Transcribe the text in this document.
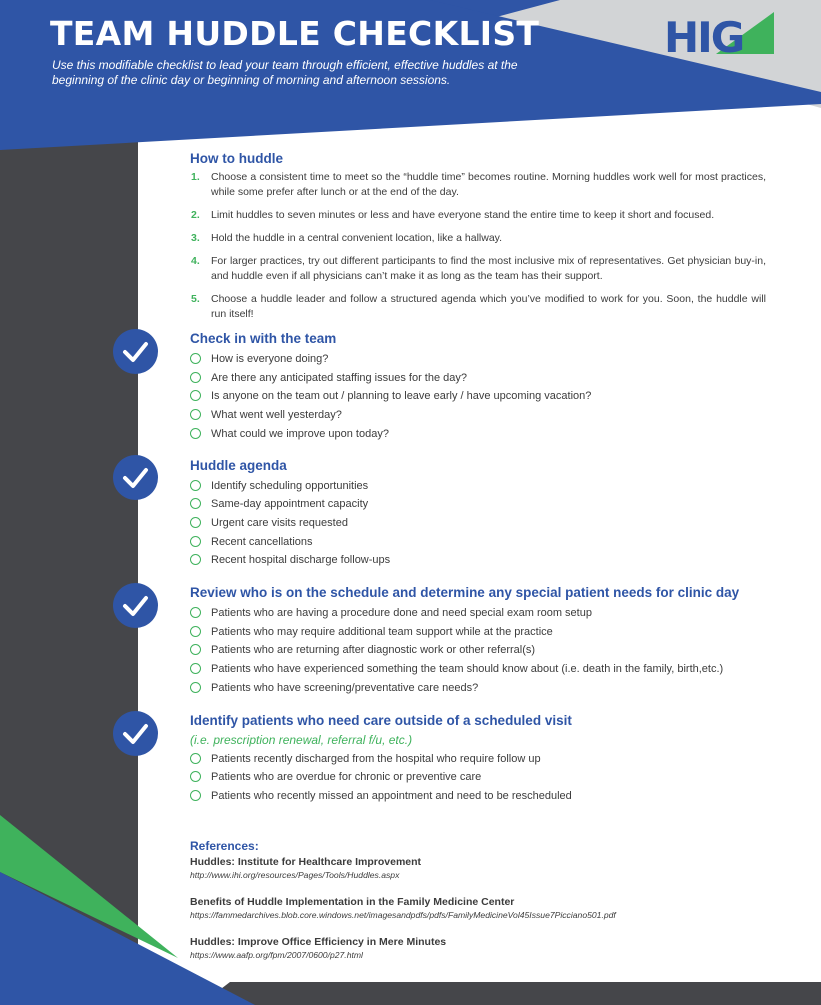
TEAM HUDDLE CHECKLIST

Use this modifiable checklist to lead your team through efficient, effective huddles at the beginning of the clinic day or beginning of morning and afternoon sessions.

HIG
How to huddle
1. Choose a consistent time to meet so the “huddle time” becomes routine. Morning huddles work well for most practices, while some prefer after lunch or at the end of the day.
2. Limit huddles to seven minutes or less and have everyone stand the entire time to keep it short and focused.
3. Hold the huddle in a central convenient location, like a hallway.
4. For larger practices, try out different participants to find the most inclusive mix of representatives. Get physician buy-in, and huddle even if all physicians can’t make it as long as the team has their support.
5. Choose a huddle leader and follow a structured agenda which you’ve modified to work for you. Soon, the huddle will run itself!
Check in with the team
How is everyone doing?
Are there any anticipated staffing issues for the day?
Is anyone on the team out / planning to leave early / have upcoming vacation?
What went well yesterday?
What could we improve upon today?
Huddle agenda
Identify scheduling opportunities
Same-day appointment capacity
Urgent care visits requested
Recent cancellations
Recent hospital discharge follow-ups
Review who is on the schedule and determine any special patient needs for clinic day
Patients who are having a procedure done and need special exam room setup
Patients who may require additional team support while at the practice
Patients who are returning after diagnostic work or other referral(s)
Patients who have experienced something the team should know about (i.e. death in the family, birth,etc.)
Patients who have screening/preventative care needs?
Identify patients who need care outside of a scheduled visit
(i.e. prescription renewal, referral f/u, etc.)
Patients recently discharged from the hospital who require follow up
Patients who are overdue for chronic or preventive care
Patients who recently missed an appointment and need to be rescheduled
References:
Huddles: Institute for Healthcare Improvement
http://www.ihi.org/resources/Pages/Tools/Huddles.aspx
Benefits of Huddle Implementation in the Family Medicine Center
https://fammedarchives.blob.core.windows.net/imagesandpdfs/pdfs/FamilyMedicineVol45Issue7Picciano501.pdf
Huddles: Improve Office Efficiency in Mere Minutes
https://www.aafp.org/fpm/2007/0600/p27.html
